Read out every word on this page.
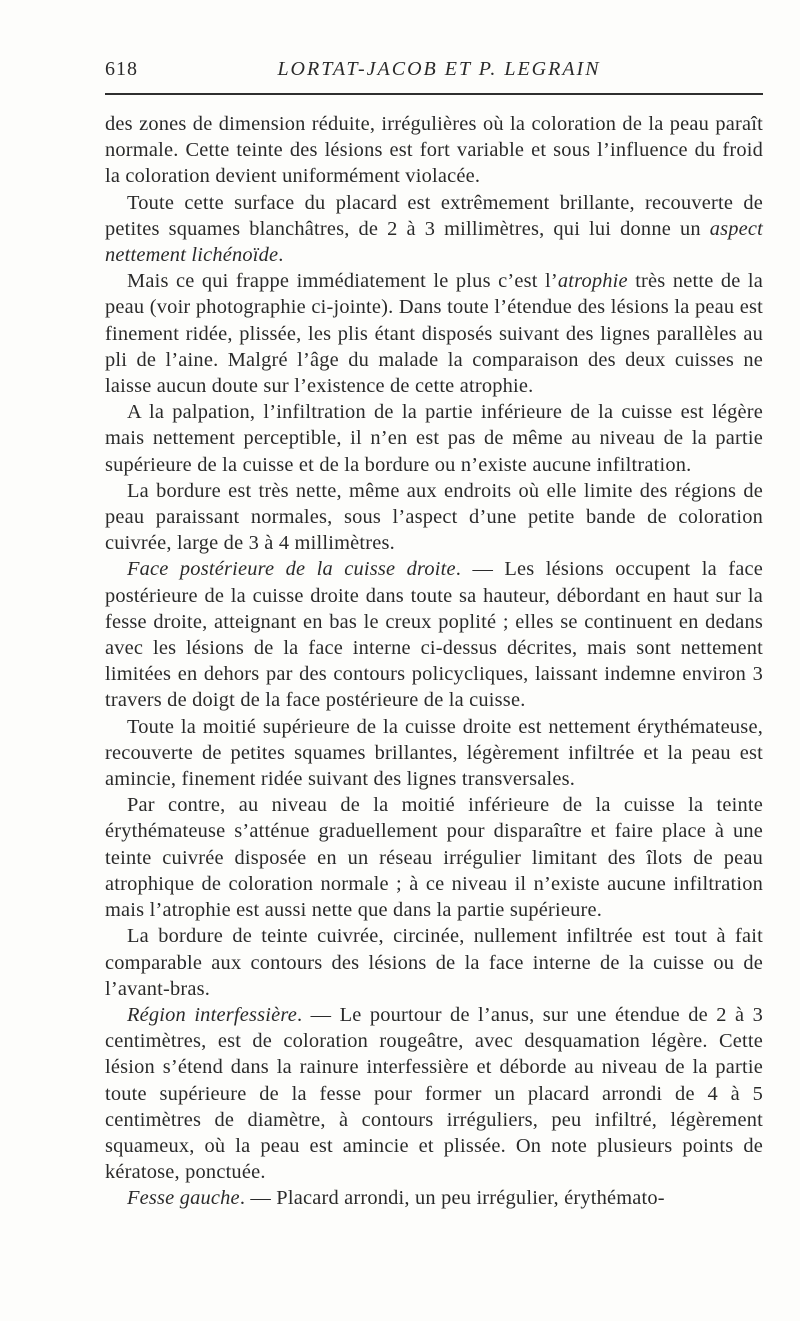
618	LORTAT-JACOB ET P. LEGRAIN

des zones de dimension réduite, irrégulières où la coloration de la peau paraît normale. Cette teinte des lésions est fort variable et sous l’influence du froid la coloration devient uniformément violacée.

Toute cette surface du placard est extrêmement brillante, recouverte de petites squames blanchâtres, de 2 à 3 millimètres, qui lui donne un aspect nettement lichénoïde.

Mais ce qui frappe immédiatement le plus c’est l’atrophie très nette de la peau (voir photographie ci-jointe). Dans toute l’étendue des lésions la peau est finement ridée, plissée, les plis étant disposés suivant des lignes parallèles au pli de l’aine. Malgré l’âge du malade la comparaison des deux cuisses ne laisse aucun doute sur l’existence de cette atrophie.

A la palpation, l’infiltration de la partie inférieure de la cuisse est légère mais nettement perceptible, il n’en est pas de même au niveau de la partie supérieure de la cuisse et de la bordure ou n’existe aucune infiltration.

La bordure est très nette, même aux endroits où elle limite des régions de peau paraissant normales, sous l’aspect d’une petite bande de coloration cuivrée, large de 3 à 4 millimètres.

Face postérieure de la cuisse droite. — Les lésions occupent la face postérieure de la cuisse droite dans toute sa hauteur, débordant en haut sur la fesse droite, atteignant en bas le creux poplité ; elles se continuent en dedans avec les lésions de la face interne ci-dessus décrites, mais sont nettement limitées en dehors par des contours policycliques, laissant indemne environ 3 travers de doigt de la face postérieure de la cuisse.

Toute la moitié supérieure de la cuisse droite est nettement érythémateuse, recouverte de petites squames brillantes, légèrement infiltrée et la peau est amincie, finement ridée suivant des lignes transversales.

Par contre, au niveau de la moitié inférieure de la cuisse la teinte érythémateuse s’atténue graduellement pour disparaître et faire place à une teinte cuivrée disposée en un réseau irrégulier limitant des îlots de peau atrophique de coloration normale ; à ce niveau il n’existe aucune infiltration mais l’atrophie est aussi nette que dans la partie supérieure.

La bordure de teinte cuivrée, circinée, nullement infiltrée est tout à fait comparable aux contours des lésions de la face interne de la cuisse ou de l’avant-bras.

Région interfessière. — Le pourtour de l’anus, sur une étendue de 2 à 3 centimètres, est de coloration rougeâtre, avec desquamation légère. Cette lésion s’étend dans la rainure interfessière et déborde au niveau de la partie toute supérieure de la fesse pour former un placard arrondi de 4 à 5 centimètres de diamètre, à contours irréguliers, peu infiltré, légèrement squameux, où la peau est amincie et plissée. On note plusieurs points de kératose, ponctuée.

Fesse gauche. — Placard arrondi, un peu irrégulier, érythémato-
